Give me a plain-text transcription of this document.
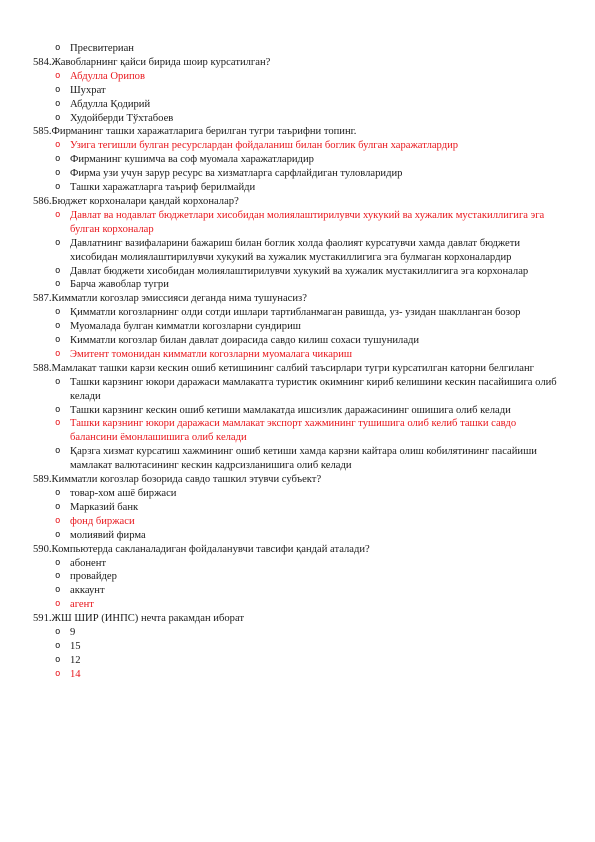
o Пресвитериан

584.Жавобларнинг қайси бирида шоир курсатилган?

o Абдулла Орипов
o Шухрат
o Абдулла Қодирий
o Худойберди Тўхтабоев

585.Фирманинг ташки харажатларига берилган тугри таърифни топинг.

o Узига тегишли булган ресурслардан фойдаланиш билан боглик булган харажатлардир
o Фирманинг кушимча ва соф муомала харажатларидир
o Фирма узи учун зарур ресурс ва хизматларга сарфлайдиган туловларидир
o Ташки харажатларга таъриф берилмайди

586.Бюджет корхоналари қандай корхоналар?

o Давлат ва нодавлат бюджетлари хисобидан молиялаштирилувчи хукукий ва хужалик мустакиллигига эга булган корхоналар
o Давлатнинг вазифаларини бажариш билан боглик холда фаолият курсатувчи хамда давлат бюджети хисобидан молиялаштирилувчи хукукий ва хужалик мустакиллигига эга булмаган корхоналардир
o Давлат бюджети хисобидан молиялаштирилувчи хукукий ва хужалик мустакиллигига эга корхоналар
o Барча жавоблар тугри

587.Кимматли когозлар эмиссияси деганда нима тушунасиз?

o Қимматли когозларнинг олди сотди ишлари тартибланмаган равишда, уз- узидан шаклланган бозор
o Муомалада булган кимматли когозларни сундириш
o Кимматли когозлар билан давлат доирасида савдо килиш сохаси тушунилади
o Эмитент томонидан кимматли когозларни муомалага чикариш

588.Мамлакат ташки карзи кескин ошиб кетишининг салбий таъсирлари тугри курсатилган каторни белгиланг

o Ташки карзнинг юкори даражаси мамлакатга туристик окимнинг кириб келишини кескин пасайишига олиб келади
o Ташки карзнинг кескин ошиб кетиши мамлакатда ишсизлик даражасининг ошишига олиб келади
o Ташки карзнинг юкори даражаси мамлакат экспорт хажмининг тушишига олиб келиб ташки савдо балансини ёмонлашишига олиб келади
o Қарзга хизмат курсатиш хажмининг ошиб кетиши хамда карзни кайтара олиш кобилятининг пасайиши мамлакат валютасининг кескин кадрсизланишига олиб келади

589.Кимматли когозлар бозорида савдо ташкил этувчи субъект?

o товар-хом ашё биржаси
o Марказий банк
o фонд биржаси
o молиявий фирма

590.Компьютерда сакланаладиган фойдаланувчи тавсифи қандай аталади?

o абонент
o провайдер
o аккаунт
o агент

591.ЖШ ШИР (ИНПС) нечта ракамдан иборат

o 9
o 15
o 12
o 14
